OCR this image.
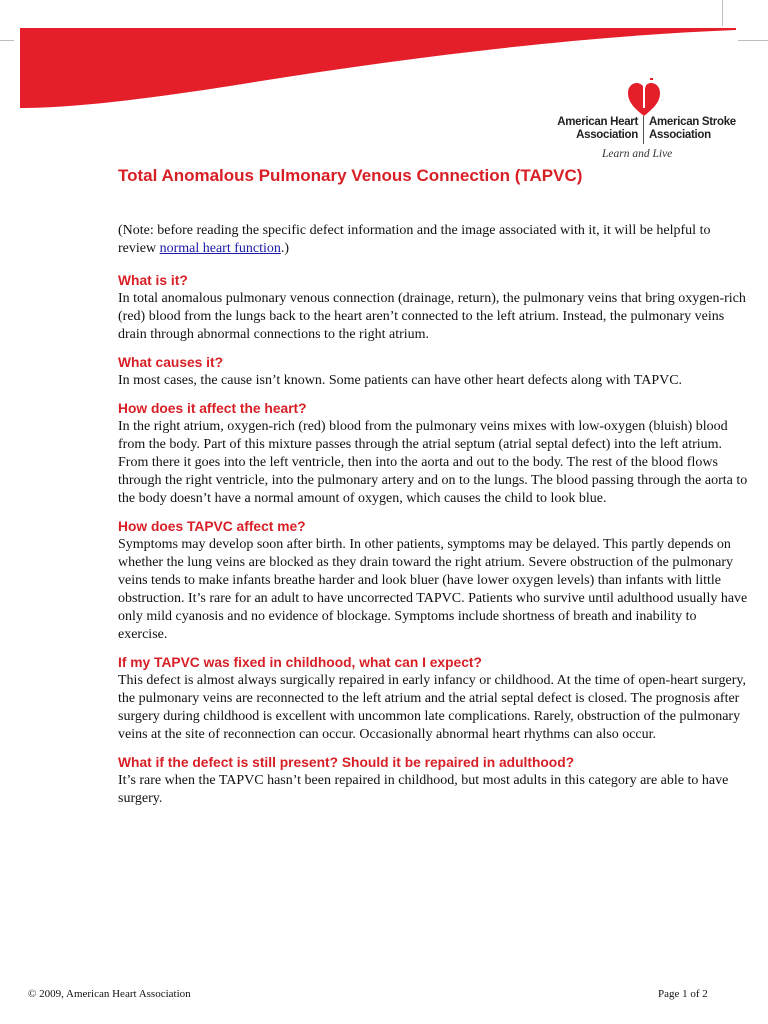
American Heart
Association
American Stroke
Association
Learn and Live
Total Anomalous Pulmonary Venous Connection (TAPVC)

(Note: before reading the specific defect information and the image associated with it, it will be helpful to review normal heart function.)

What is it?

In total anomalous pulmonary venous connection (drainage, return), the pulmonary veins that bring oxygen-rich (red) blood from the lungs back to the heart aren’t connected to the left atrium. Instead, the pulmonary veins drain through abnormal connections to the right atrium.

What causes it?

In most cases, the cause isn’t known. Some patients can have other heart defects along with TAPVC.

How does it affect the heart?

In the right atrium, oxygen-rich (red) blood from the pulmonary veins mixes with low-oxygen (bluish) blood from the body. Part of this mixture passes through the atrial septum (atrial septal defect) into the left atrium. From there it goes into the left ventricle, then into the aorta and out to the body. The rest of the blood flows through the right ventricle, into the pulmonary artery and on to the lungs. The blood passing through the aorta to the body doesn’t have a normal amount of oxygen, which causes the child to look blue.

How does TAPVC affect me?

Symptoms may develop soon after birth. In other patients, symptoms may be delayed. This partly depends on whether the lung veins are blocked as they drain toward the right atrium. Severe obstruction of the pulmonary veins tends to make infants breathe harder and look bluer (have lower oxygen levels) than infants with little obstruction. It’s rare for an adult to have uncorrected TAPVC. Patients who survive until adulthood usually have only mild cyanosis and no evidence of blockage. Symptoms include shortness of breath and inability to exercise.

If my TAPVC was fixed in childhood, what can I expect?

This defect is almost always surgically repaired in early infancy or childhood. At the time of open-heart surgery, the pulmonary veins are reconnected to the left atrium and the atrial septal defect is closed. The prognosis after surgery during childhood is excellent with uncommon late complications. Rarely, obstruction of the pulmonary veins at the site of reconnection can occur. Occasionally abnormal heart rhythms can also occur.

What if the defect is still present? Should it be repaired in adulthood?

It’s rare when the TAPVC hasn’t been repaired in childhood, but most adults in this category are able to have surgery.

© 2009, American Heart Association	Page 1 of 2
